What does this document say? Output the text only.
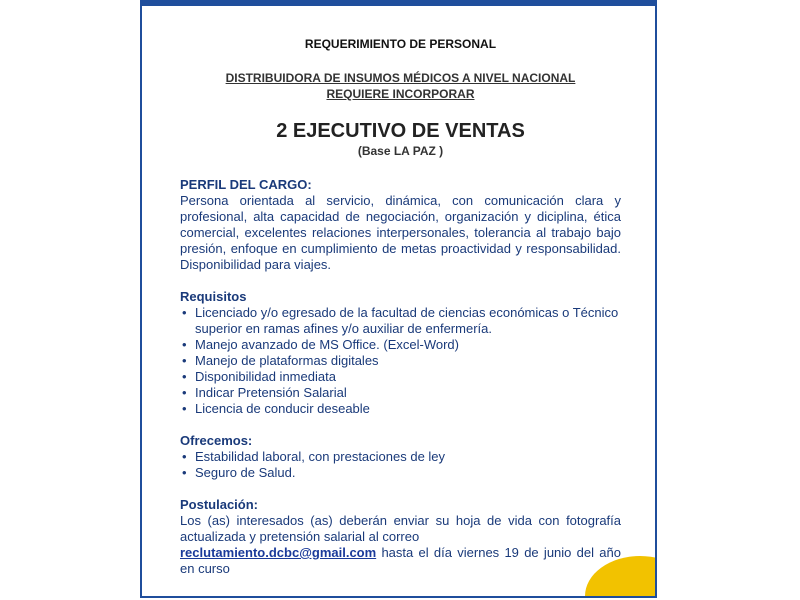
REQUERIMIENTO DE PERSONAL

DISTRIBUIDORA DE INSUMOS MÉDICOS A NIVEL NACIONAL

REQUIERE INCORPORAR

2 EJECUTIVO DE VENTAS

(Base LA PAZ )

PERFIL DEL CARGO:

Persona orientada al servicio, dinámica, con comunicación clara y profesional, alta capacidad de negociación, organización y diciplina, ética comercial, excelentes relaciones interpersonales, tolerancia al trabajo bajo presión, enfoque en cumplimiento de metas proactividad y responsabilidad. Disponibilidad para viajes.

Requisitos

• Licenciado y/o egresado de la facultad de ciencias económicas o Técnico superior en ramas afines y/o auxiliar de enfermería.
• Manejo avanzado de MS Office. (Excel-Word)
• Manejo de plataformas digitales
• Disponibilidad inmediata
• Indicar Pretensión Salarial
• Licencia de conducir deseable

Ofrecemos:

• Estabilidad laboral, con prestaciones de ley
• Seguro de Salud.

Postulación:

Los (as) interesados (as) deberán enviar su hoja de vida con fotografía actualizada y pretensión salarial al correo
reclutamiento.dcbc@gmail.com hasta el día viernes 19 de junio del año en curso
